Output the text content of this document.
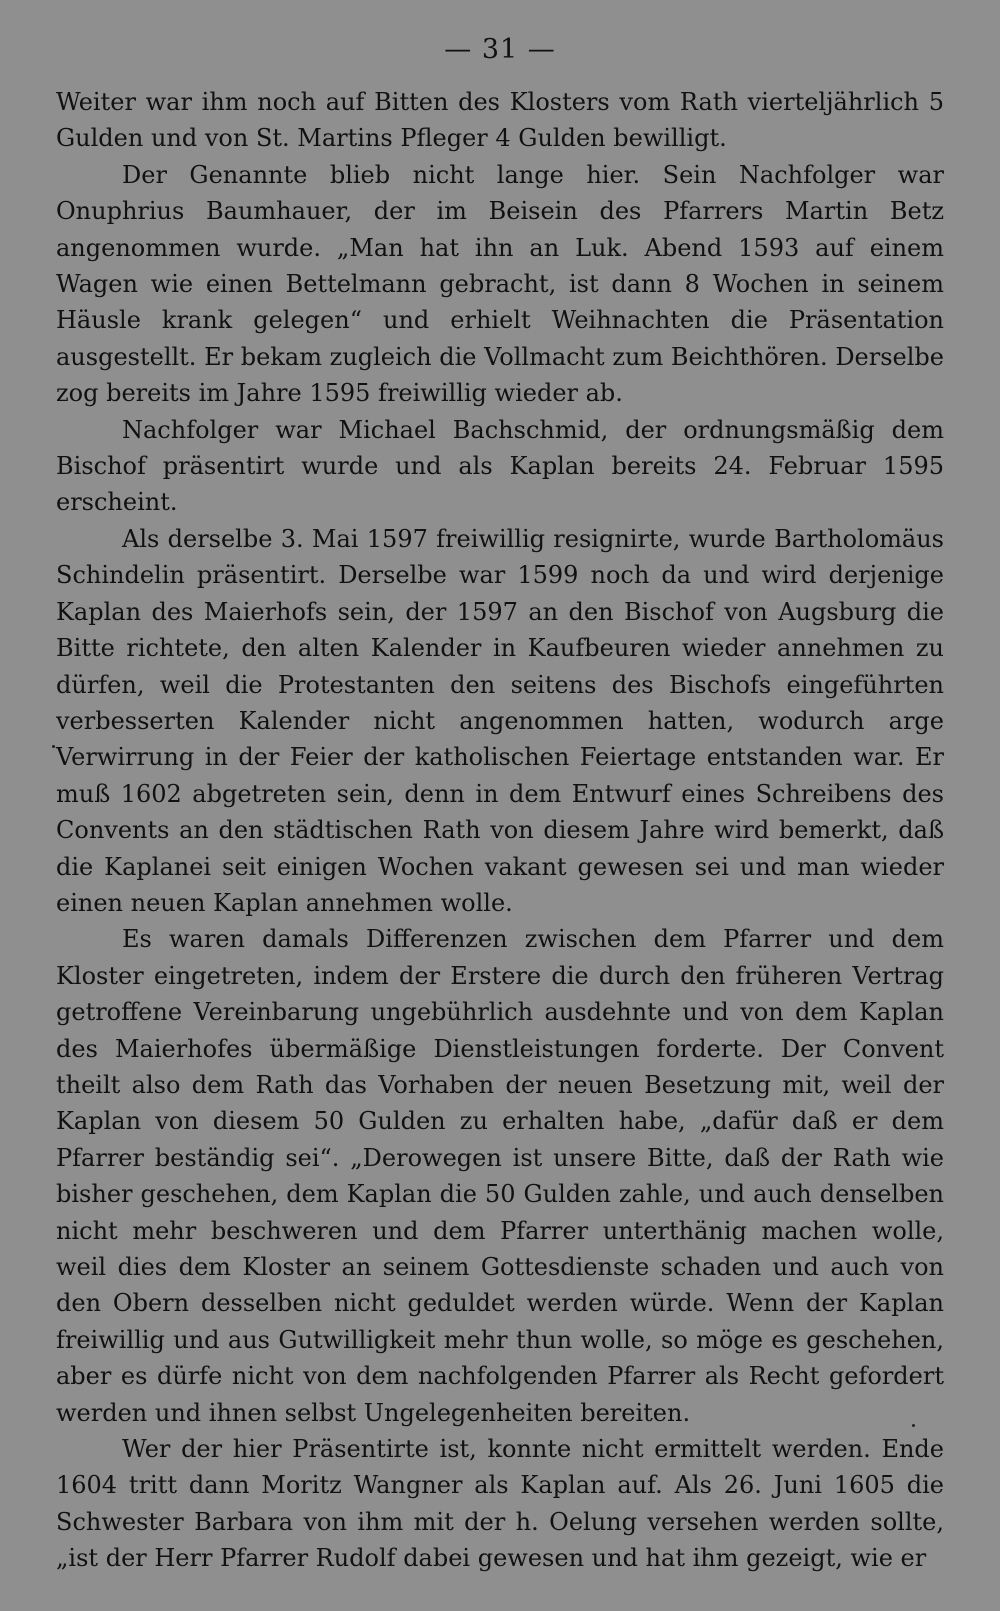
— 31 —

Weiter war ihm noch auf Bitten des Klosters vom Rath vierteljährlich 5 Gulden und von St. Martins Pfleger 4 Gulden bewilligt.

Der Genannte blieb nicht lange hier. Sein Nachfolger war Onuphrius Baumhauer, der im Beisein des Pfarrers Martin Betz angenommen wurde. „Man hat ihn an Luk. Abend 1593 auf einem Wagen wie einen Bettelmann gebracht, ist dann 8 Wochen in seinem Häusle krank gelegen“ und erhielt Weihnachten die Präsentation ausgestellt. Er bekam zugleich die Vollmacht zum Beichthören. Derselbe zog bereits im Jahre 1595 freiwillig wieder ab.

Nachfolger war Michael Bachschmid, der ordnungsmäßig dem Bischof präsentirt wurde und als Kaplan bereits 24. Februar 1595 erscheint.

Als derselbe 3. Mai 1597 freiwillig resignirte, wurde Bartholomäus Schindelin präsentirt. Derselbe war 1599 noch da und wird derjenige Kaplan des Maierhofs sein, der 1597 an den Bischof von Augsburg die Bitte richtete, den alten Kalender in Kaufbeuren wieder annehmen zu dürfen, weil die Protestanten den seitens des Bischofs eingeführten verbesserten Kalender nicht angenommen hatten, wodurch arge Verwirrung in der Feier der katholischen Feiertage entstanden war. Er muß 1602 abgetreten sein, denn in dem Entwurf eines Schreibens des Convents an den städtischen Rath von diesem Jahre wird bemerkt, daß die Kaplanei seit einigen Wochen vakant gewesen sei und man wieder einen neuen Kaplan annehmen wolle.

Es waren damals Differenzen zwischen dem Pfarrer und dem Kloster eingetreten, indem der Erstere die durch den früheren Vertrag getroffene Vereinbarung ungebührlich ausdehnte und von dem Kaplan des Maierhofes übermäßige Dienstleistungen forderte. Der Convent theilt also dem Rath das Vorhaben der neuen Besetzung mit, weil der Kaplan von diesem 50 Gulden zu erhalten habe, „dafür daß er dem Pfarrer beständig sei“. „Derowegen ist unsere Bitte, daß der Rath wie bisher geschehen, dem Kaplan die 50 Gulden zahle, und auch denselben nicht mehr beschweren und dem Pfarrer unterthänig machen wolle, weil dies dem Kloster an seinem Gottesdienste schaden und auch von den Obern desselben nicht geduldet werden würde. Wenn der Kaplan freiwillig und aus Gutwilligkeit mehr thun wolle, so möge es geschehen, aber es dürfe nicht von dem nachfolgenden Pfarrer als Recht gefordert werden und ihnen selbst Ungelegenheiten bereiten.

Wer der hier Präsentirte ist, konnte nicht ermittelt werden. Ende 1604 tritt dann Moritz Wangner als Kaplan auf. Als 26. Juni 1605 die Schwester Barbara von ihm mit der h. Oelung versehen werden sollte, „ist der Herr Pfarrer Rudolf dabei gewesen und hat ihm gezeigt, wie er
